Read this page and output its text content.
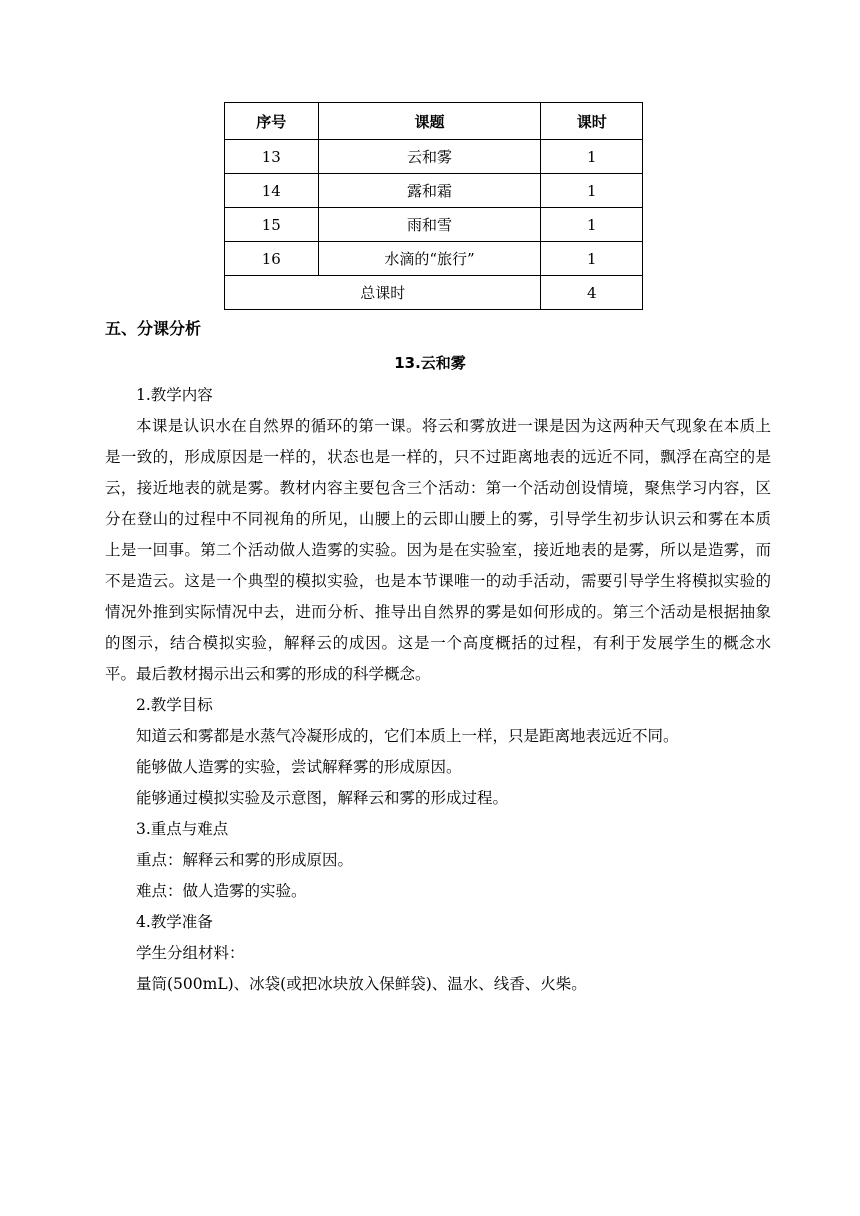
序号	课题	课时
13	云和雾	1
14	露和霜	1
15	雨和雪	1
16	水滴的“旅行”	1
总课时		4
五、分课分析
13.云和雾

1.教学内容

本课是认识水在自然界的循环的第一课。将云和雾放进一课是因为这两种天气现象在本质上是一致的，形成原因是一样的，状态也是一样的，只不过距离地表的远近不同，飘浮在高空的是云，接近地表的就是雾。教材内容主要包含三个活动：第一个活动创设情境，聚焦学习内容，区分在登山的过程中不同视角的所见，山腰上的云即山腰上的雾，引导学生初步认识云和雾在本质上是一回事。第二个活动做人造雾的实验。因为是在实验室，接近地表的是雾，所以是造雾，而不是造云。这是一个典型的模拟实验，也是本节课唯一的动手活动，需要引导学生将模拟实验的情况外推到实际情况中去，进而分析、推导出自然界的雾是如何形成的。第三个活动是根据抽象的图示，结合模拟实验，解释云的成因。这是一个高度概括的过程，有利于发展学生的概念水平。最后教材揭示出云和雾的形成的科学概念。

2.教学目标

知道云和雾都是水蒸气冷凝形成的，它们本质上一样，只是距离地表远近不同。

能够做人造雾的实验，尝试解释雾的形成原因。

能够通过模拟实验及示意图，解释云和雾的形成过程。

3.重点与难点

重点：解释云和雾的形成原因。

难点：做人造雾的实验。

4.教学准备

学生分组材料：

量筒(500mL)、冰袋(或把冰块放入保鲜袋)、温水、线香、火柴。
